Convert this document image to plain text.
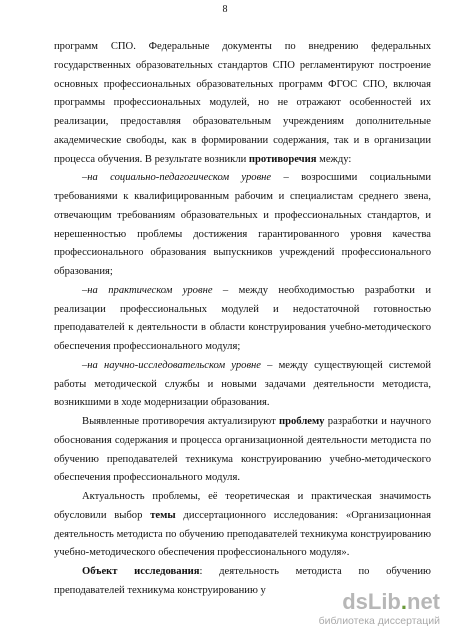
8

программ СПО. Федеральные документы по внедрению федеральных государственных образовательных стандартов СПО регламентируют построение основных профессиональных образовательных программ ФГОС СПО, включая программы профессиональных модулей, но не отражают особенностей их реализации, предоставляя образовательным учреждениям дополнительные академические свободы, как в формировании содержания, так и в организации процесса обучения. В результате возникли противоречия между:

–на социально-педагогическом уровне – возросшими социальными требованиями к квалифицированным рабочим и специалистам среднего звена, отвечающим требованиям образовательных и профессиональных стандартов, и нерешенностью проблемы достижения гарантированного уровня качества профессионального образования выпускников учреждений профессионального образования;

–на практическом уровне – между необходимостью разработки и реализации профессиональных модулей и недостаточной готовностью преподавателей к деятельности в области конструирования учебно-методического обеспечения профессионального модуля;

–на научно-исследовательском уровне – между существующей системой работы методической службы и новыми задачами деятельности методиста, возникшими в ходе модернизации образования.

Выявленные противоречия актуализируют проблему разработки и научного обоснования содержания и процесса организационной деятельности методиста по обучению преподавателей техникума конструированию учебно-методического обеспечения профессионального модуля.

Актуальность проблемы, её теоретическая и практическая значимость обусловили выбор темы диссертационного исследования: «Организационная деятельность методиста по обучению преподавателей техникума конструированию учебно-методического обеспечения профессионального модуля».

Объект исследования: деятельность методиста по обучению преподавателей техникума конструированию у	dsLib.net
библиотека диссертаций
